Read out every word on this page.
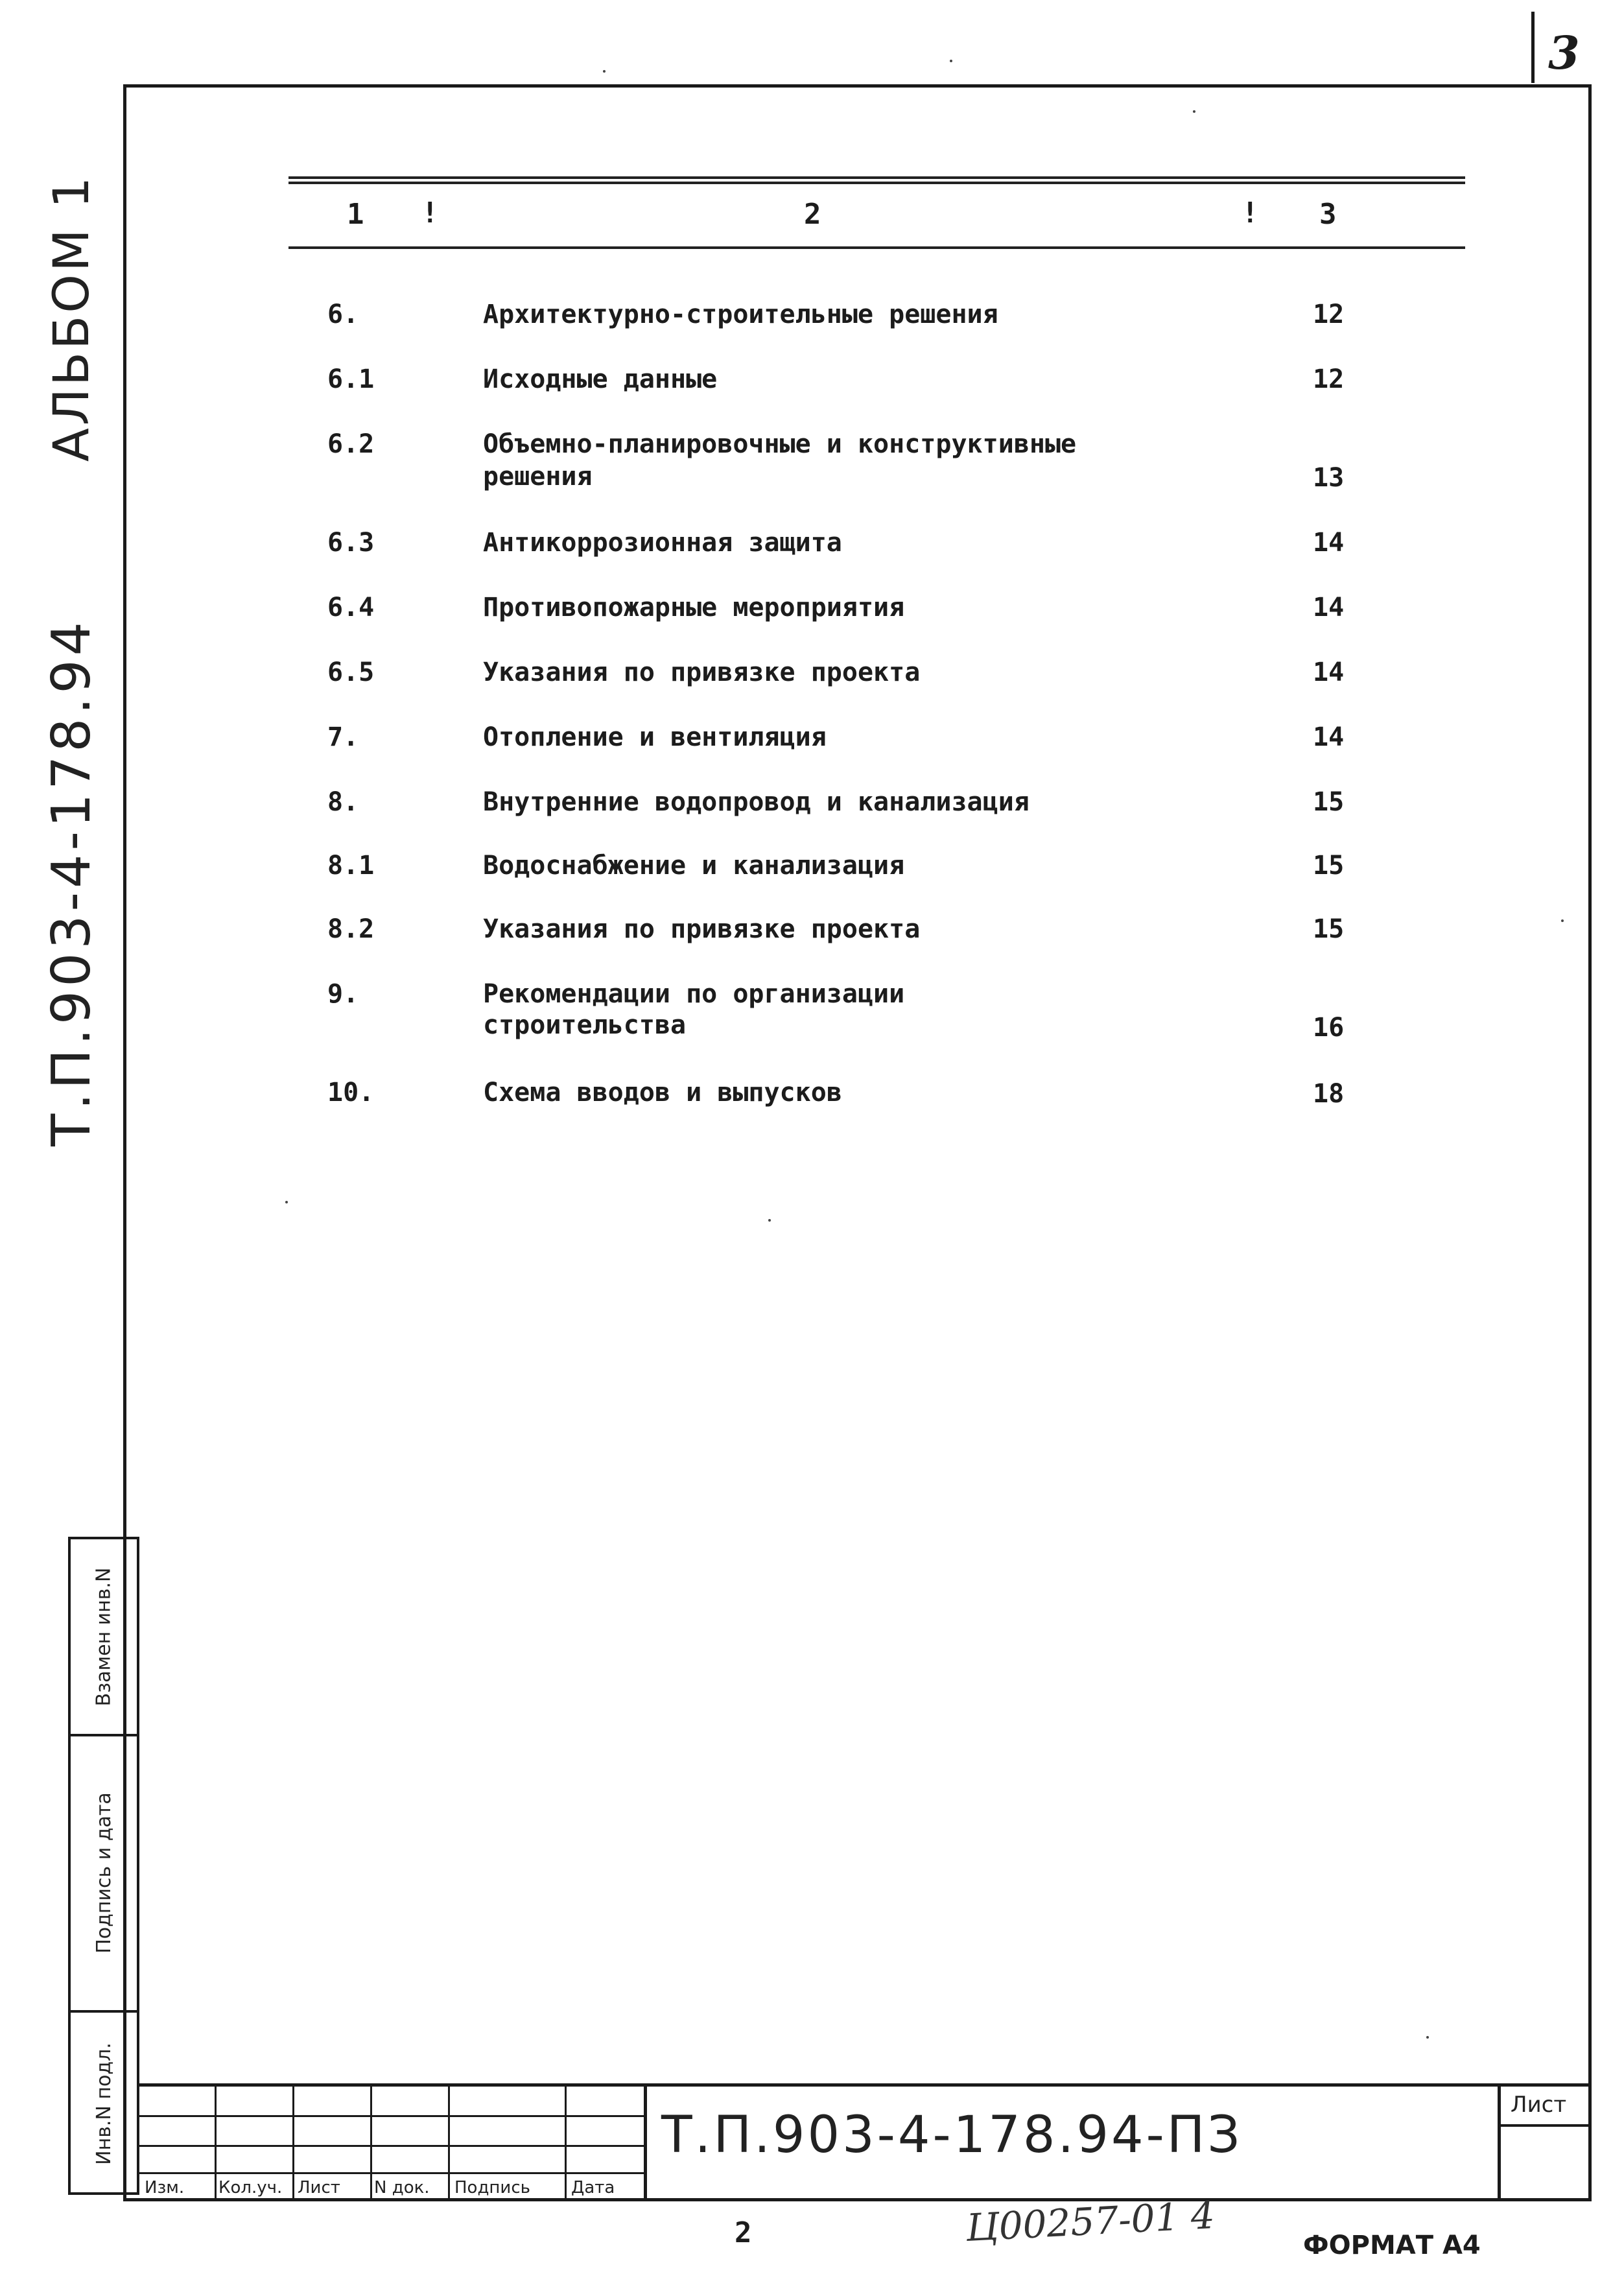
3
АЛЬБОМ 1
Т.П.903-4-178.94
1 !	2	! 3
6.	Архитектурно-строительные решения	12
6.1	Исходные данные	12
6.2	Объемно-планировочные и конструктивные
решения	13
6.3	Антикоррозионная защита	14
6.4	Противопожарные мероприятия	14
6.5	Указания по привязке проекта	14
7.	Отопление и вентиляция	14
8.	Внутренние водопровод и канализация	15
8.1	Водоснабжение и канализация	15
8.2	Указания по привязке проекта	15
9.	Рекомендации по организации
строительства	16
10.	Схема вводов и выпусков	18
Взамен инв.N
Подпись и дата
Инв.N подл.
Изм. Кол.уч. Лист N док. Подпись Дата
Т.П.903-4-178.94-ПЗ
Лист
2	Ц00257-01 4	ФОРМАТ А4
